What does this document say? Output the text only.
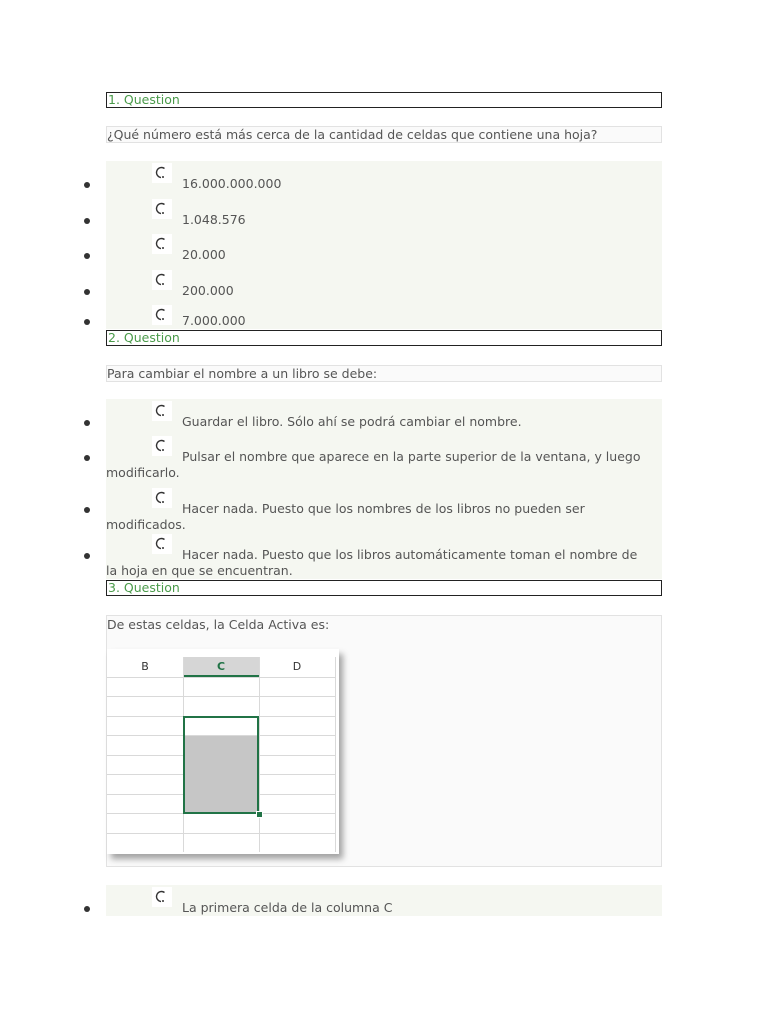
1. Question
¿Qué número está más cerca de la cantidad de celdas que contiene una hoja?
16.000.000.000
1.048.576
20.000
200.000
7.000.000
2. Question
Para cambiar el nombre a un libro se debe:
Guardar el libro. Sólo ahí se podrá cambiar el nombre.
Pulsar el nombre que aparece en la parte superior de la ventana, y luego modificarlo.
Hacer nada. Puesto que los nombres de los libros no pueden ser modificados.
Hacer nada. Puesto que los libros automáticamente toman el nombre de la hoja en que se encuentran.
3. Question
De estas celdas, la Celda Activa es:
B	C	D
La primera celda de la columna C
